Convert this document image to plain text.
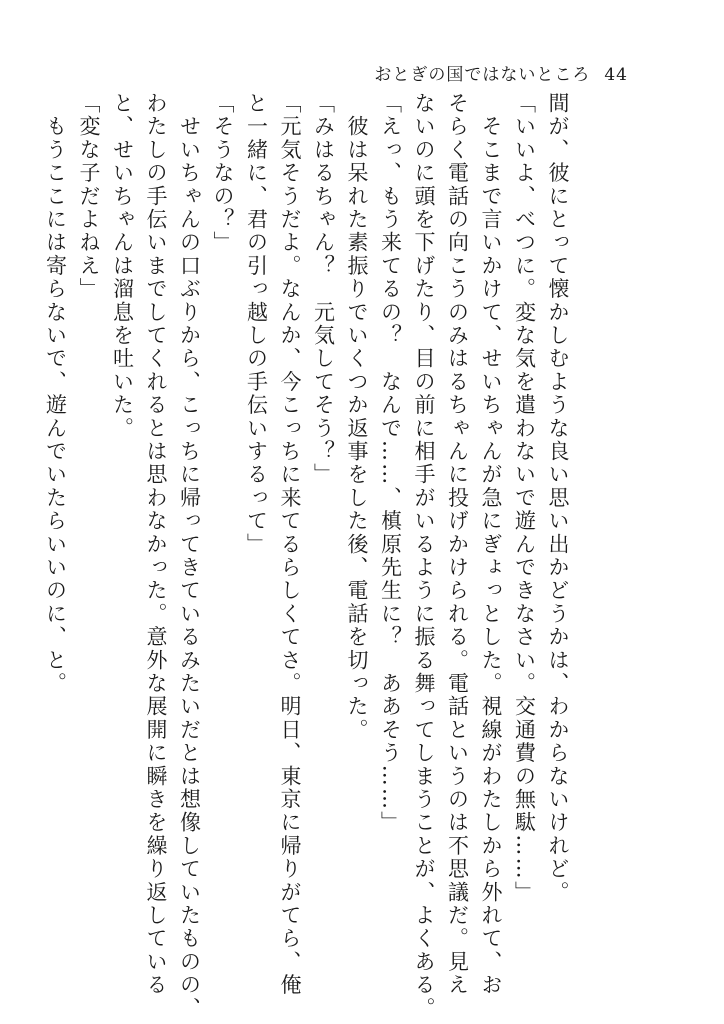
おとぎの国ではないところ 44
間が、彼にとって懐かしむような良い思い出かどうかは、わからないけれど。
「いいよ、べつに。変な気を遣わないで遊んできなさい。交通費の無駄……」
　そこまで言いかけて、せいちゃんが急にぎょっとした。視線がわたしから外れて、お
そらく電話の向こうのみはるちゃんに投げかけられる。電話というのは不思議だ。見え
ないのに頭を下げたり、目の前に相手がいるように振る舞ってしまうことが、よくある。
「えっ、もう来てるの？　なんで……、槙原先生に？　ああそう……」
　彼は呆れた素振りでいくつか返事をした後、電話を切った。
「みはるちゃん？　元気してそう？」
「元気そうだよ。なんか、今こっちに来てるらしくてさ。明日、東京に帰りがてら、俺
と一緒に、君の引っ越しの手伝いするって」
「そうなの？」
　せいちゃんの口ぶりから、こっちに帰ってきているみたいだとは想像していたものの、
わたしの手伝いまでしてくれるとは思わなかった。意外な展開に瞬きを繰り返している
と、せいちゃんは溜息を吐いた。
「変な子だよねえ」
　もうここには寄らないで、遊んでいたらいいのに、と。
